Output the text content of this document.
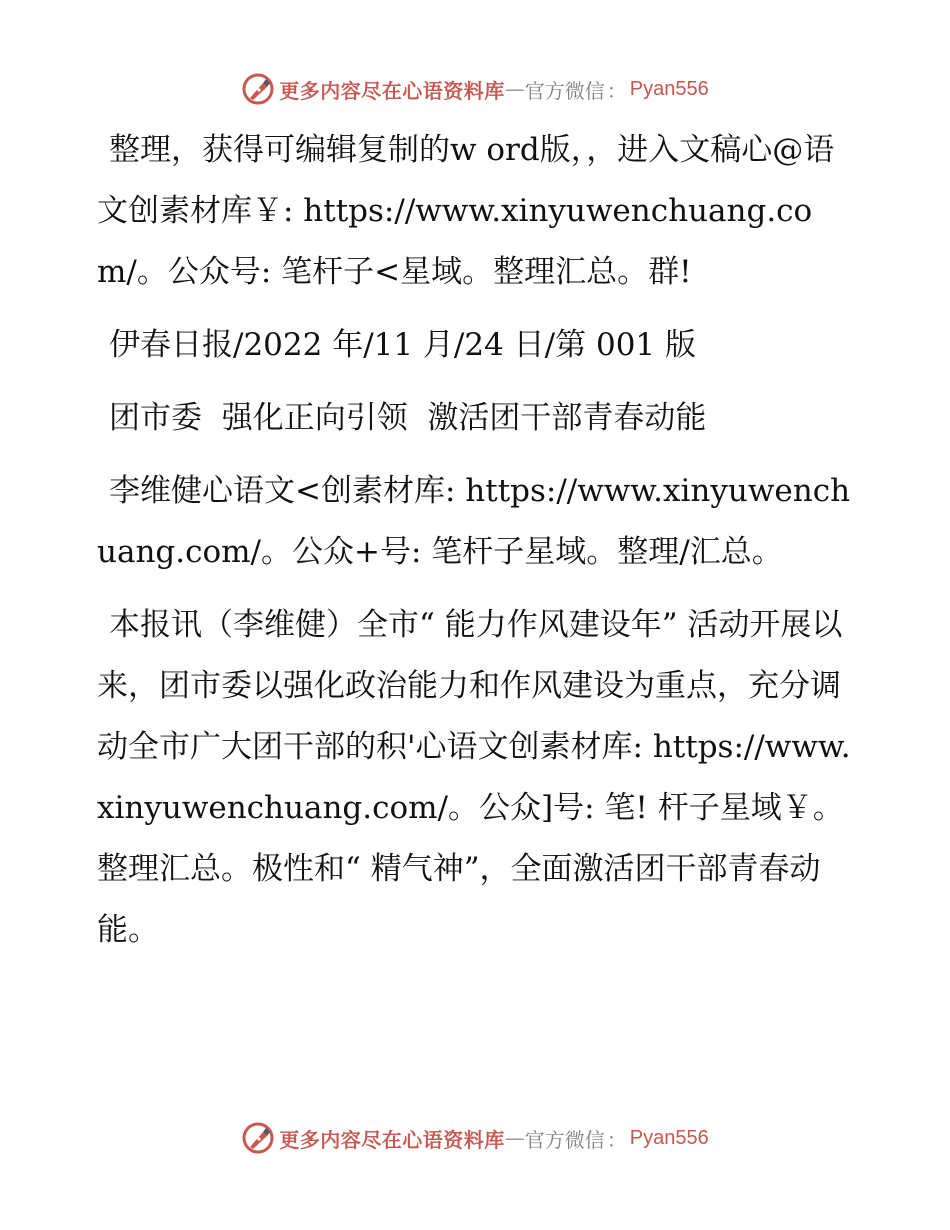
更多内容尽在心语资料库 — 官方微信 ： Pyan556

整理，获得可编辑复制的w ord版，，进入文稿心@语文创素材库￥: https://www.xinyuwenchuang.com/。公众号: 笔杆子<星域。整理汇总。群!

伊春日报/2022 年/11 月/24 日/第 001 版

团市委  强化正向引领  激活团干部青春动能

李维健心语文<创素材库: https://www.xinyuwenchuang.com/。公众+号: 笔杆子星域。整理/汇总。

本报讯（李维健）全市“ 能力作风建设年” 活动开展以来，团市委以强化政治能力和作风建设为重点，充分调动全市广大团干部的积'心语文创素材库: https://www.xinyuwenchuang.com/。公众]号: 笔! 杆子星域￥。整理汇总。极性和“ 精气神”，全面激活团干部青春动能。

更多内容尽在心语资料库 — 官方微信 ： Pyan556
